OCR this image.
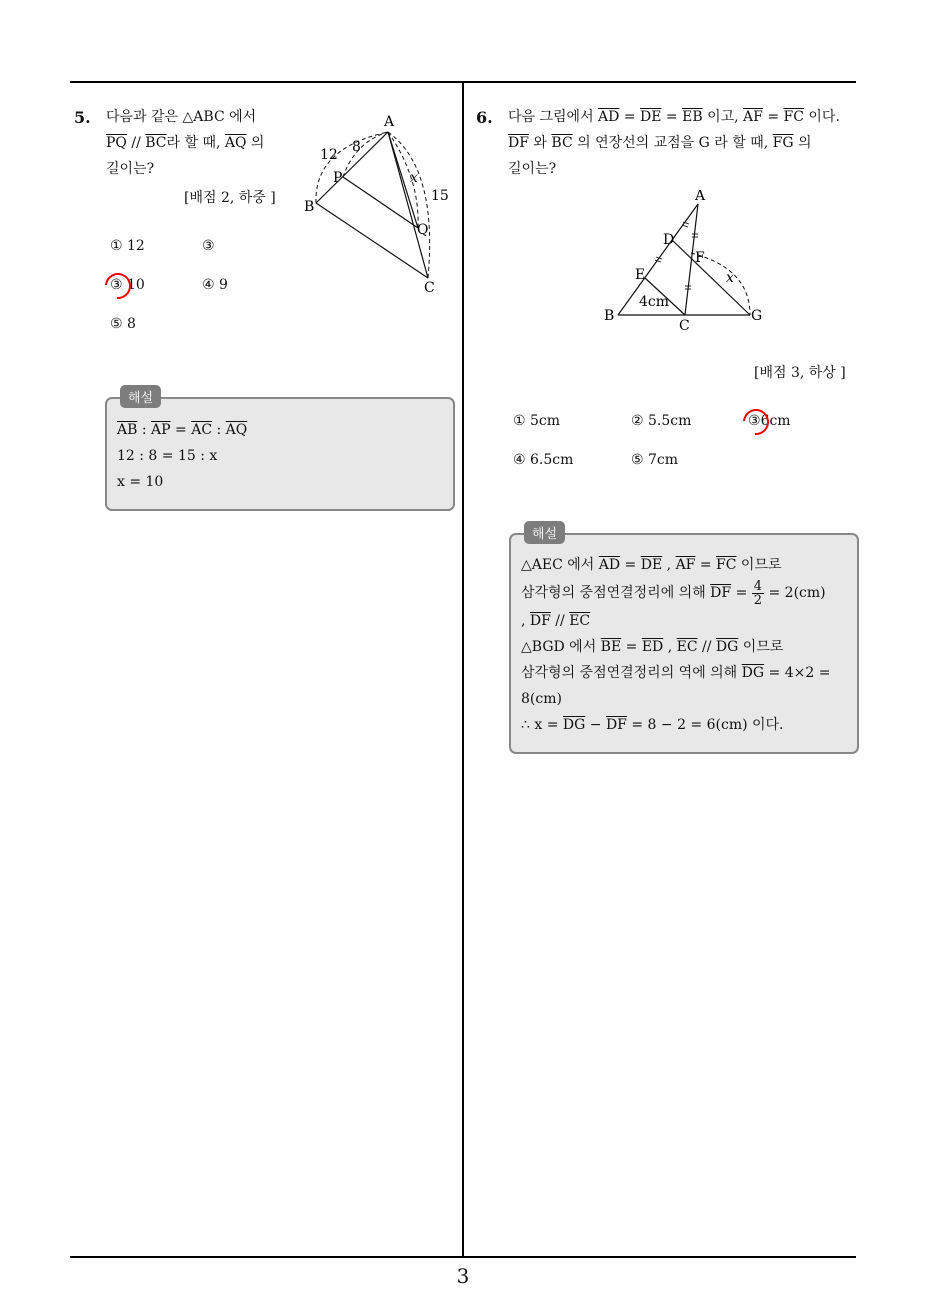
3
5. 다음과 같은 △ABC 에서
$\overline{PQ} // \overline{BC}$라 할 때, $\overline{AQ}$ 의
길이는?
[배점 2, 하중 ]
A
B
C
P
Q
12 8
15
x
① 12	③
③ 10	④ 9
⑤ 8
$\overline{AB}$ : $\overline{AP} = \overline{AC}$ : $\overline{AQ}$
12 : 8 = 15 : x
x = 10
해설
6. 다음 그림에서 $\overline{AD} = \overline{DE} = \overline{EB}$ 이고, $\overline{AF} = \overline{FC}$ 이다.
$\overline{DF}$ 와 $\overline{BC}$ 의 연장선의 교점을 G 라 할 때, $\overline{FG}$ 의
길이는?
A
D
F
E
B
C
G
4cm
x
[배점 3, 하상 ]
① 5cm	② 5.5cm	③
6cm
④ 6.5cm	⑤ 7cm
△AEC 에서 $\overline{AD} = \overline{DE}$ , $\overline{AF} = \overline{FC}$ 이므로
삼각형의 중점연결정리에 의해 $\overline{DF} = \frac{4}{2} = 2(cm)$
, $\overline{DF} // \overline{EC}$
△BGD 에서 $\overline{BE} = \overline{ED}$ , $\overline{EC} // \overline{DG}$ 이므로
삼각형의 중점연결정리의 역에 의해 $\overline{DG} = 4\times 2$ =
8(cm)
∴ $x = \overline{DG} - \overline{DF} = 8 - 2 = 6(cm)$ 이다.
해설
